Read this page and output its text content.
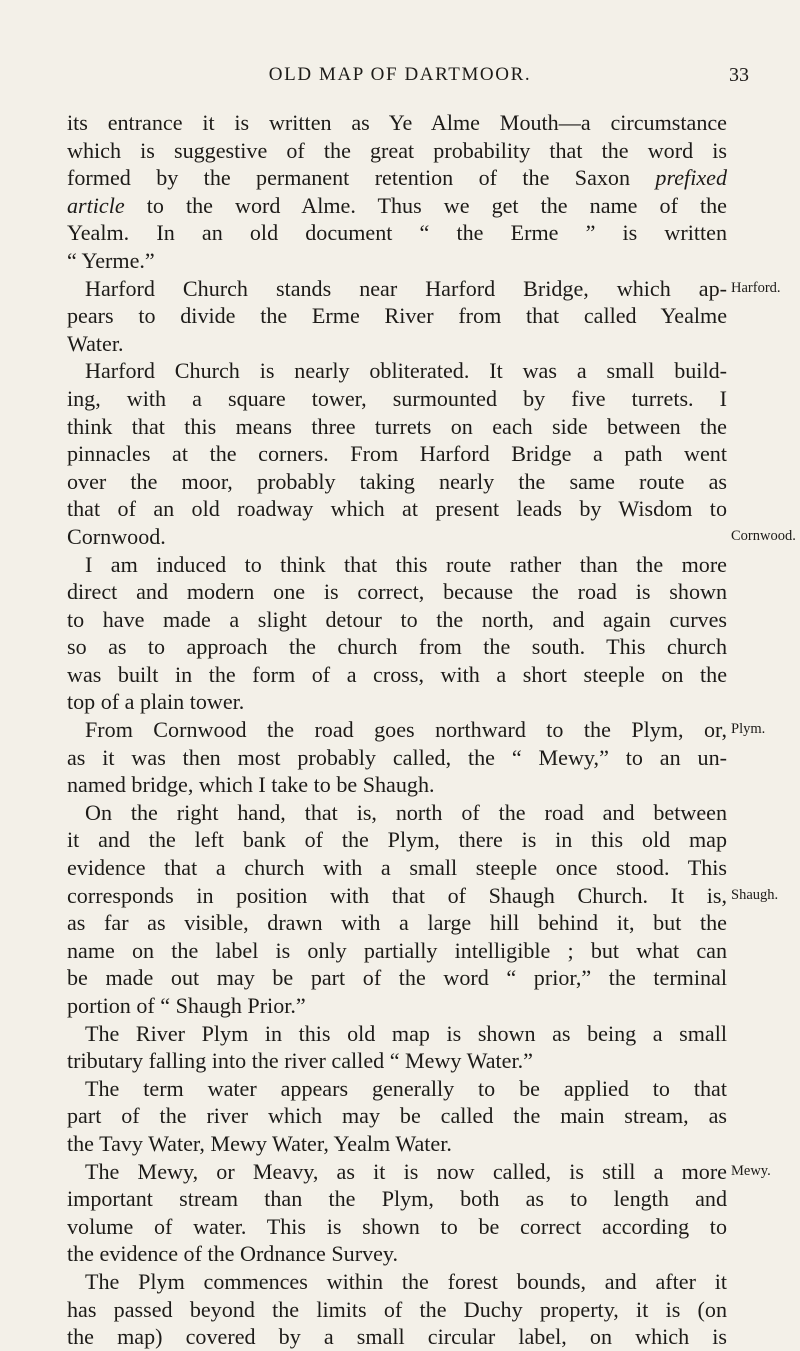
OLD MAP OF DARTMOOR.	33
its entrance it is written as Ye Alme Mouth—a circumstance
which is suggestive of the great probability that the word is
formed by the permanent retention of the Saxon prefixed
article to the word Alme. Thus we get the name of the
Yealm. In an old document “ the Erme ” is written
“ Yerme.”
Harford Church stands near Harford Bridge, which ap-
pears to divide the Erme River from that called Yealme
Water.
Harford Church is nearly obliterated. It was a small build-
ing, with a square tower, surmounted by five turrets. I
think that this means three turrets on each side between the
pinnacles at the corners. From Harford Bridge a path went
over the moor, probably taking nearly the same route as
that of an old roadway which at present leads by Wisdom to
Cornwood.
I am induced to think that this route rather than the more
direct and modern one is correct, because the road is shown
to have made a slight detour to the north, and again curves
so as to approach the church from the south. This church
was built in the form of a cross, with a short steeple on the
top of a plain tower.
From Cornwood the road goes northward to the Plym, or,
as it was then most probably called, the “ Mewy,” to an un-
named bridge, which I take to be Shaugh.
On the right hand, that is, north of the road and between
it and the left bank of the Plym, there is in this old map
evidence that a church with a small steeple once stood. This
corresponds in position with that of Shaugh Church. It is,
as far as visible, drawn with a large hill behind it, but the
name on the label is only partially intelligible ; but what can
be made out may be part of the word “ prior,” the terminal
portion of “ Shaugh Prior.”
The River Plym in this old map is shown as being a small
tributary falling into the river called “ Mewy Water.”
The term water appears generally to be applied to that
part of the river which may be called the main stream, as
the Tavy Water, Mewy Water, Yealm Water.
The Mewy, or Meavy, as it is now called, is still a more
important stream than the Plym, both as to length and
volume of water. This is shown to be correct according to
the evidence of the Ordnance Survey.
The Plym commences within the forest bounds, and after it
has passed beyond the limits of the Duchy property, it is (on
the map) covered by a small circular label, on which is
Harford.
Cornwood.
Plym.
Shaugh.
Mewy.
